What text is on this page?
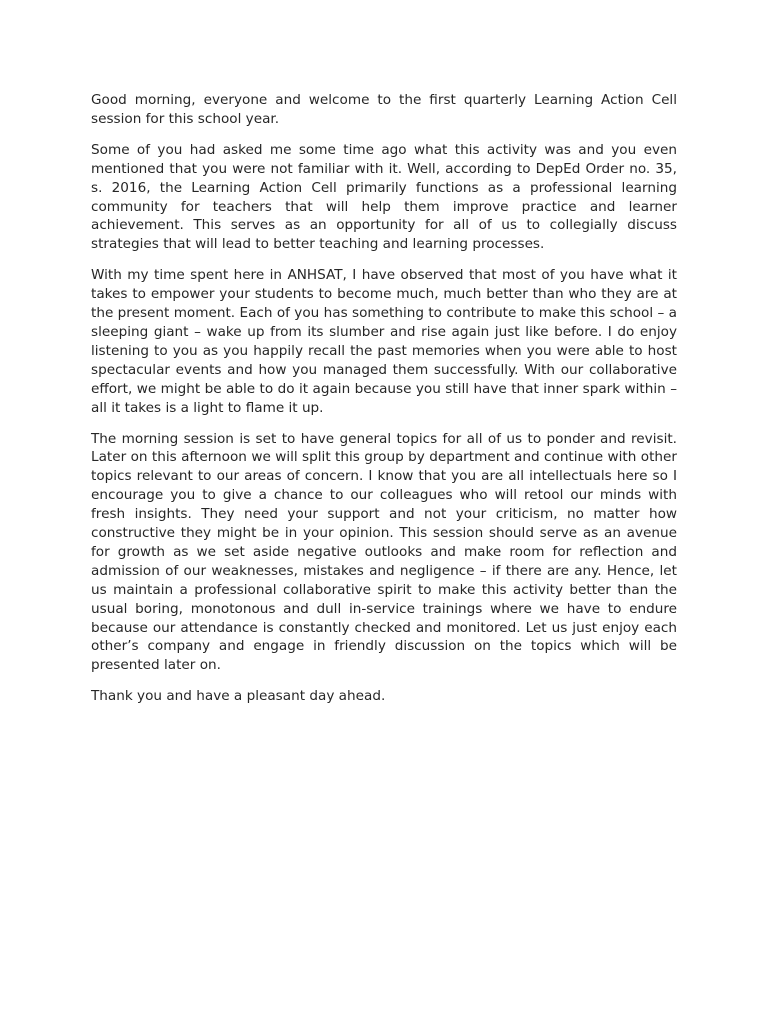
Good morning, everyone and welcome to the first quarterly Learning Action Cell session for this school year.

Some of you had asked me some time ago what this activity was and you even mentioned that you were not familiar with it. Well, according to DepEd Order no. 35, s. 2016, the Learning Action Cell primarily functions as a professional learning community for teachers that will help them improve practice and learner achievement. This serves as an opportunity for all of us to collegially discuss strategies that will lead to better teaching and learning processes.

With my time spent here in ANHSAT, I have observed that most of you have what it takes to empower your students to become much, much better than who they are at the present moment. Each of you has something to contribute to make this school – a sleeping giant – wake up from its slumber and rise again just like before. I do enjoy listening to you as you happily recall the past memories when you were able to host spectacular events and how you managed them successfully. With our collaborative effort, we might be able to do it again because you still have that inner spark within – all it takes is a light to flame it up.

The morning session is set to have general topics for all of us to ponder and revisit. Later on this afternoon we will split this group by department and continue with other topics relevant to our areas of concern. I know that you are all intellectuals here so I encourage you to give a chance to our colleagues who will retool our minds with fresh insights. They need your support and not your criticism, no matter how constructive they might be in your opinion. This session should serve as an avenue for growth as we set aside negative outlooks and make room for reflection and admission of our weaknesses, mistakes and negligence – if there are any. Hence, let us maintain a professional collaborative spirit to make this activity better than the usual boring, monotonous and dull in-service trainings where we have to endure because our attendance is constantly checked and monitored. Let us just enjoy each other’s company and engage in friendly discussion on the topics which will be presented later on.

Thank you and have a pleasant day ahead.
